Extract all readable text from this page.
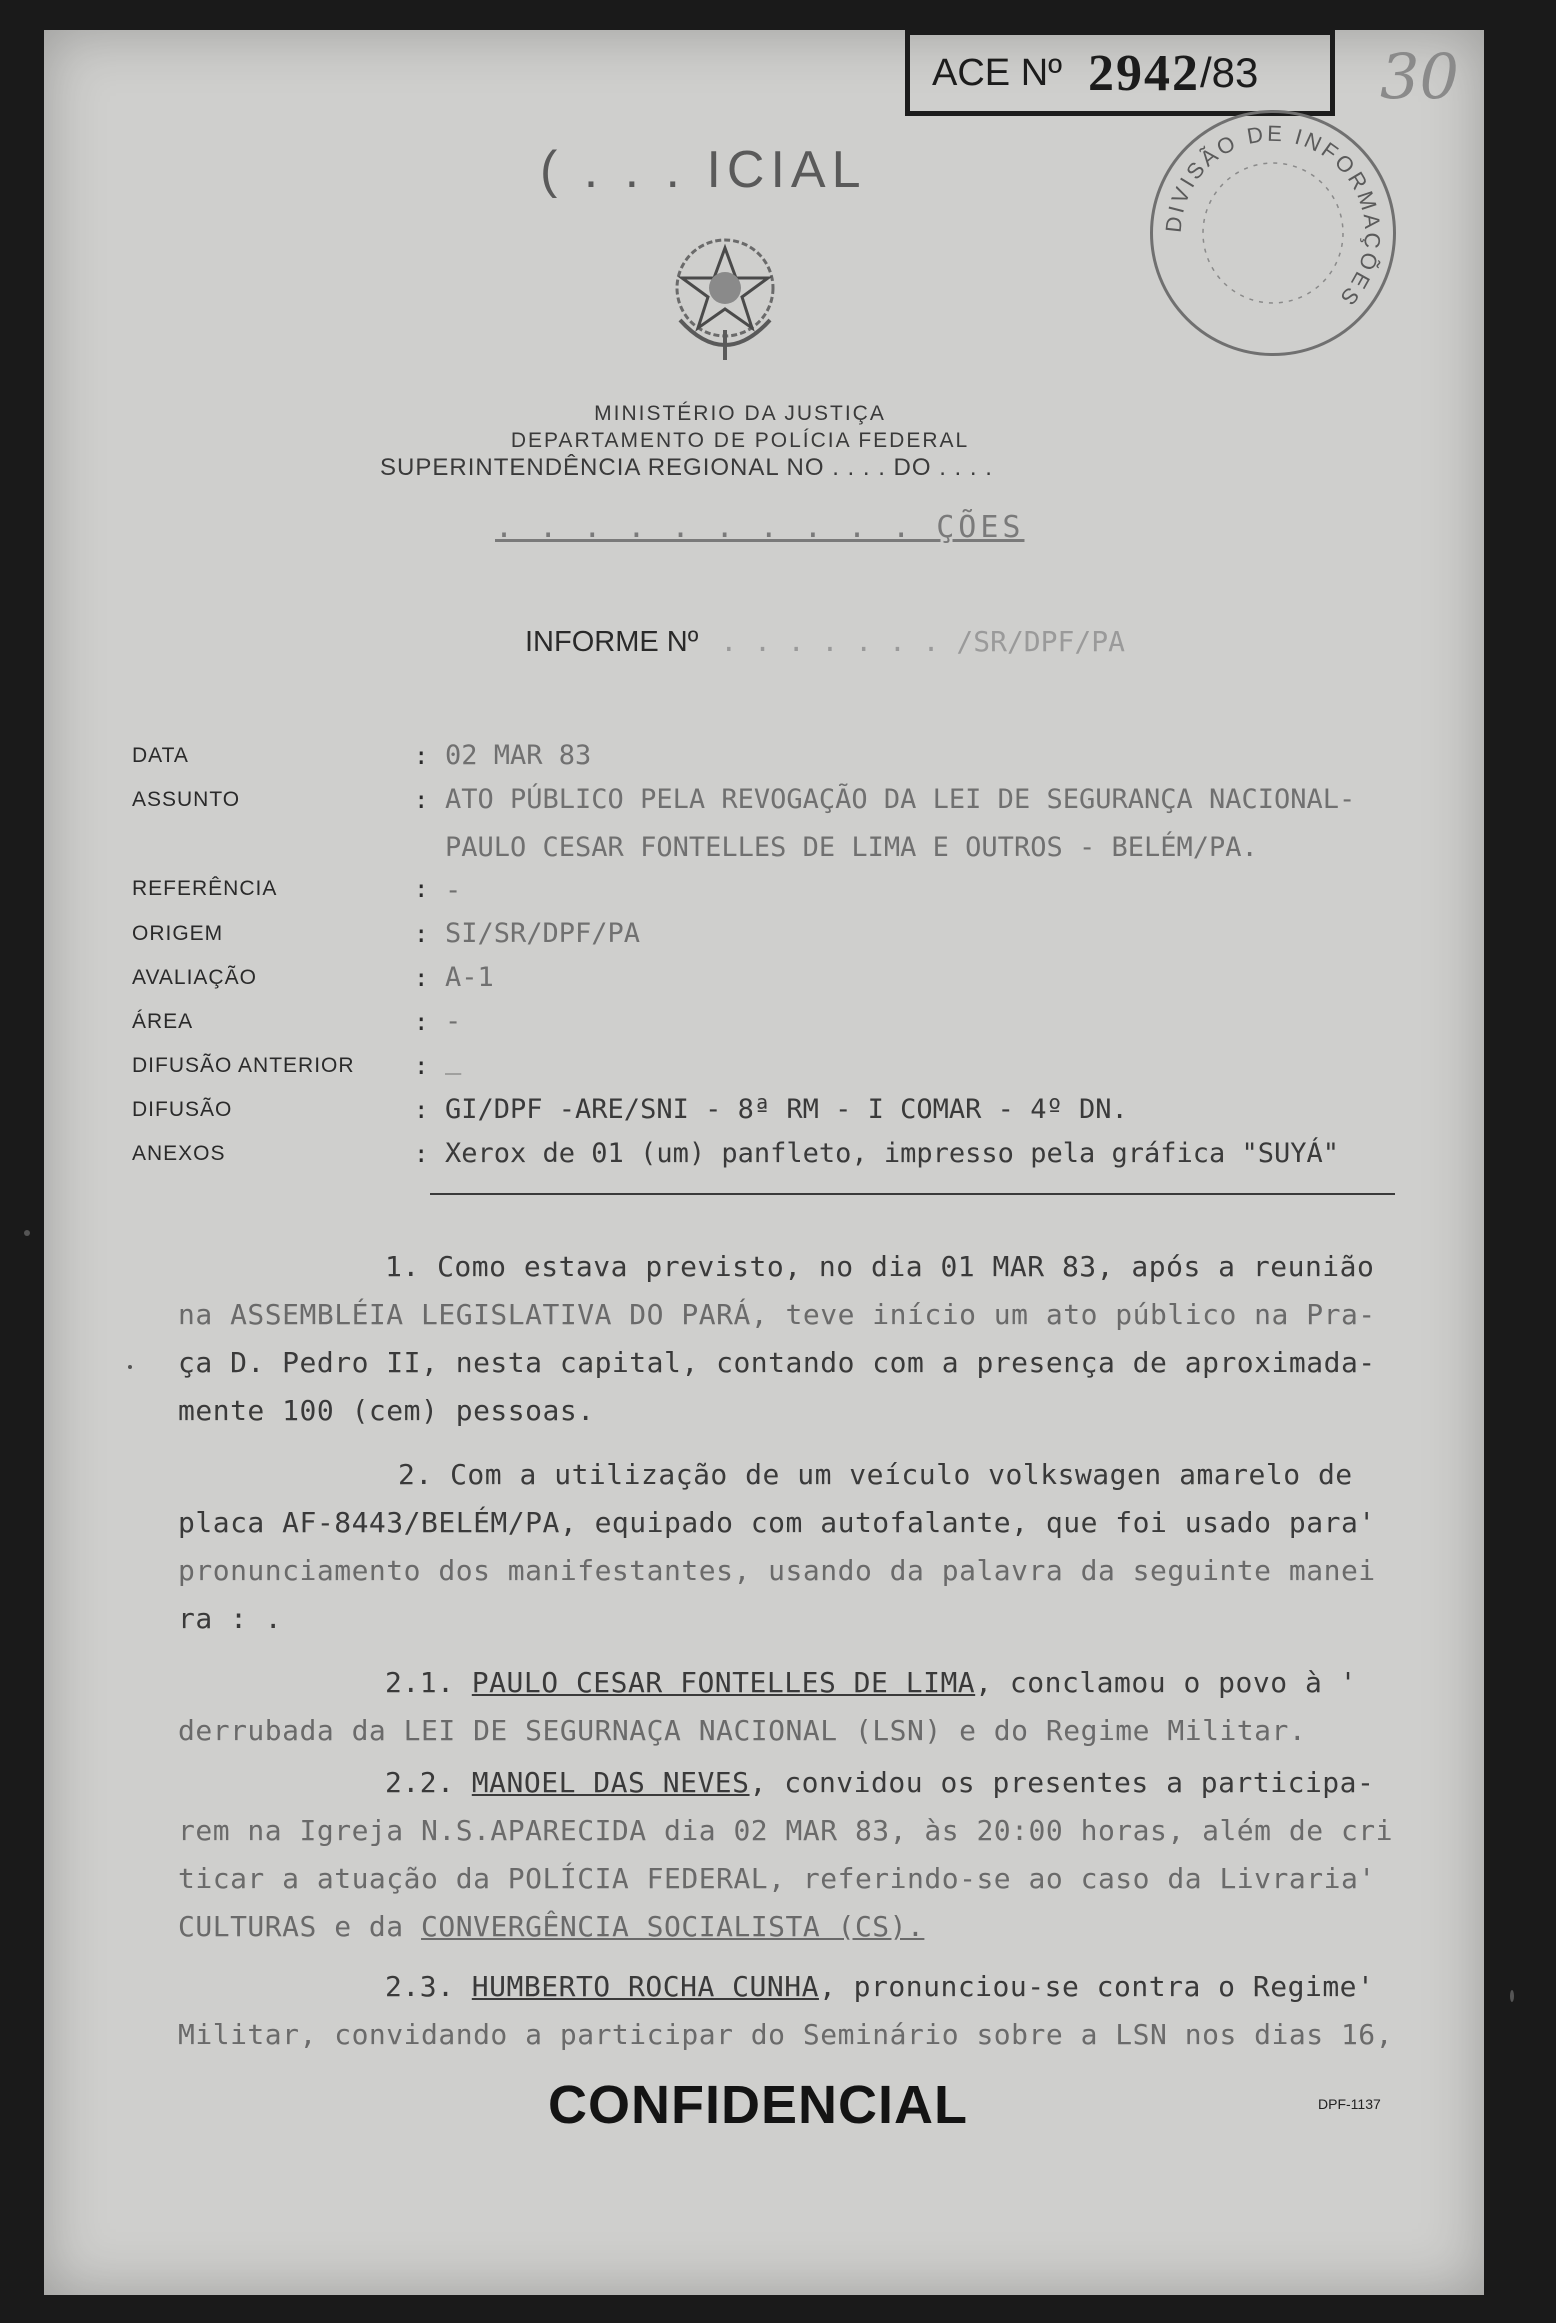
ACE Nº 2942 /83 30
DIVISÃO DE INFORMAÇÕES
( . . . ICIAL
MINISTÉRIO DA JUSTIÇA
DEPARTAMENTO DE POLÍCIA FEDERAL
SUPERINTENDÊNCIA REGIONAL NO . . . . DO . . . .
. . . . . . . . . . ÇÕES
INFORME Nº . . . . . . . /SR/DPF/PA
DATA	: 02 MAR 83
ASSUNTO	: ATO PÚBLICO PELA REVOGAÇÃO DA LEI DE SEGURANÇA NACIONAL-
PAULO CESAR FONTELLES DE LIMA E OUTROS - BELÉM/PA.
REFERÊNCIA	: -
ORIGEM	: SI/SR/DPF/PA
AVALIAÇÃO	: A-1
ÁREA	: -
DIFUSÃO ANTERIOR : _
DIFUSÃO	: GI/DPF -ARE/SNI - 8ª RM - I COMAR - 4º DN.
ANEXOS	: Xerox de 01 (um) panfleto, impresso pela gráfica "SUYÁ"
1. Como estava previsto, no dia 01 MAR 83, após a reunião
na ASSEMBLÉIA LEGISLATIVA DO PARÁ, teve início um ato público na Pra-
ça D. Pedro II, nesta capital, contando com a presença de aproximada-
mente 100 (cem) pessoas.
2. Com a utilização de um veículo volkswagen amarelo de
placa AF-8443/BELÉM/PA, equipado com autofalante, que foi usado para'
pronunciamento dos manifestantes, usando da palavra da seguinte manei
ra : .
2.1. PAULO CESAR FONTELLES DE LIMA, conclamou o povo à '
derrubada da LEI DE SEGURNAÇA NACIONAL (LSN) e do Regime Militar.
2.2. MANOEL DAS NEVES, convidou os presentes a participa-
rem na Igreja N.S.APARECIDA dia 02 MAR 83, às 20:00 horas, além de cri
ticar a atuação da POLÍCIA FEDERAL, referindo-se ao caso da Livraria'
CULTURAS e da CONVERGÊNCIA SOCIALISTA (CS).
2.3. HUMBERTO ROCHA CUNHA, pronunciou-se contra o Regime'
Militar, convidando a participar do Seminário sobre a LSN nos dias 16,
CONFIDENCIAL	DPF-1137
